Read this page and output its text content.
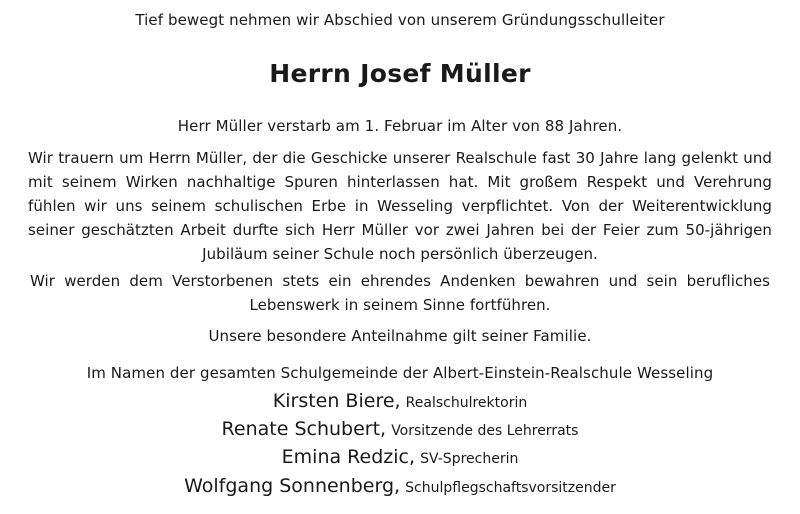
Tief bewegt nehmen wir Abschied von unserem Gründungsschulleiter
Herrn Josef Müller
Herr Müller verstarb am 1. Februar im Alter von 88 Jahren.

Wir trauern um Herrn Müller, der die Geschicke unserer Realschule fast 30 Jahre lang gelenkt und mit seinem Wirken nachhaltige Spuren hinterlassen hat. Mit großem Respekt und Verehrung fühlen wir uns seinem schulischen Erbe in Wesseling verpflichtet. Von der Weiterentwicklung seiner geschätzten Arbeit durfte sich Herr Müller vor zwei Jahren bei der Feier zum 50-jährigen Jubiläum seiner Schule noch persönlich überzeugen.

Wir werden dem Verstorbenen stets ein ehrendes Andenken bewahren und sein berufliches Lebenswerk in seinem Sinne fortführen.

Unsere besondere Anteilnahme gilt seiner Familie.
Im Namen der gesamten Schulgemeinde der Albert-Einstein-Realschule Wesseling
Kirsten Biere, Realschulrektorin
Renate Schubert, Vorsitzende des Lehrerrats
Emina Redzic, SV-Sprecherin
Wolfgang Sonnenberg, Schulpflegschaftsvorsitzender
